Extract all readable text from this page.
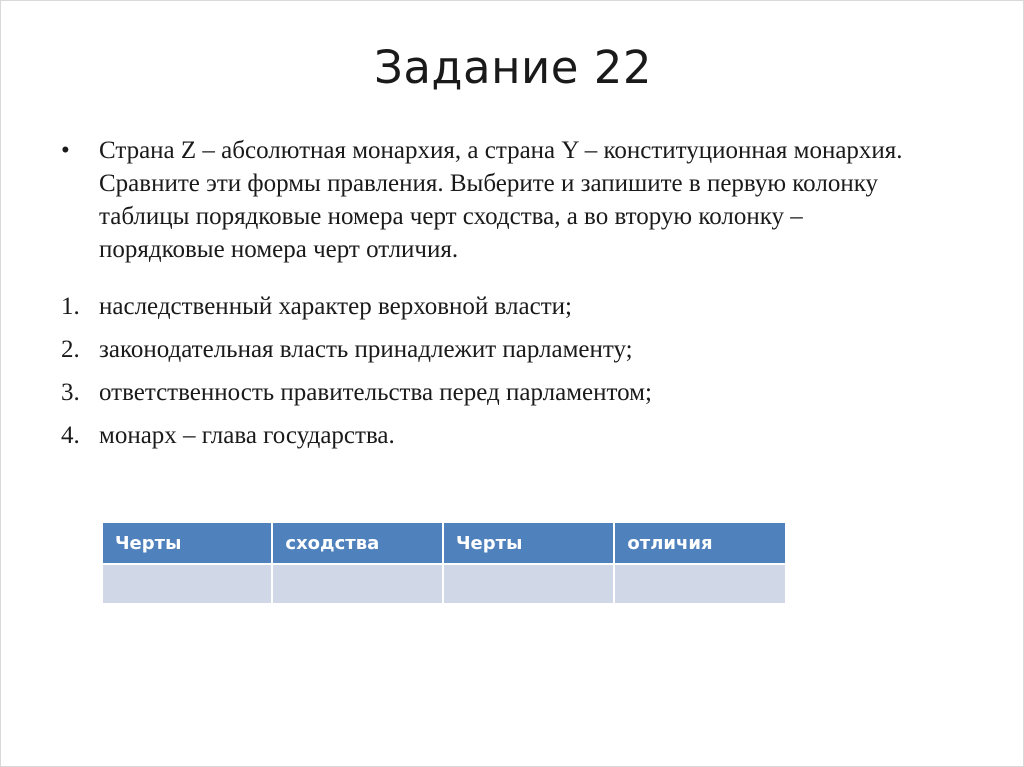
Задание 22
•	Страна Z – абсолютная монархия, а страна Y – конституционная монархия. Сравните эти формы правления. Выберите и запишите в первую колонку таблицы порядковые номера черт сходства, а во вторую колонку – порядковые номера черт отличия.
1. наследственный характер верховной власти;
2. законодательная власть принадлежит парламенту;
3. ответственность правительства перед парламентом;
4. монарх – глава государства.
Черты	сходства	Черты	отличия
